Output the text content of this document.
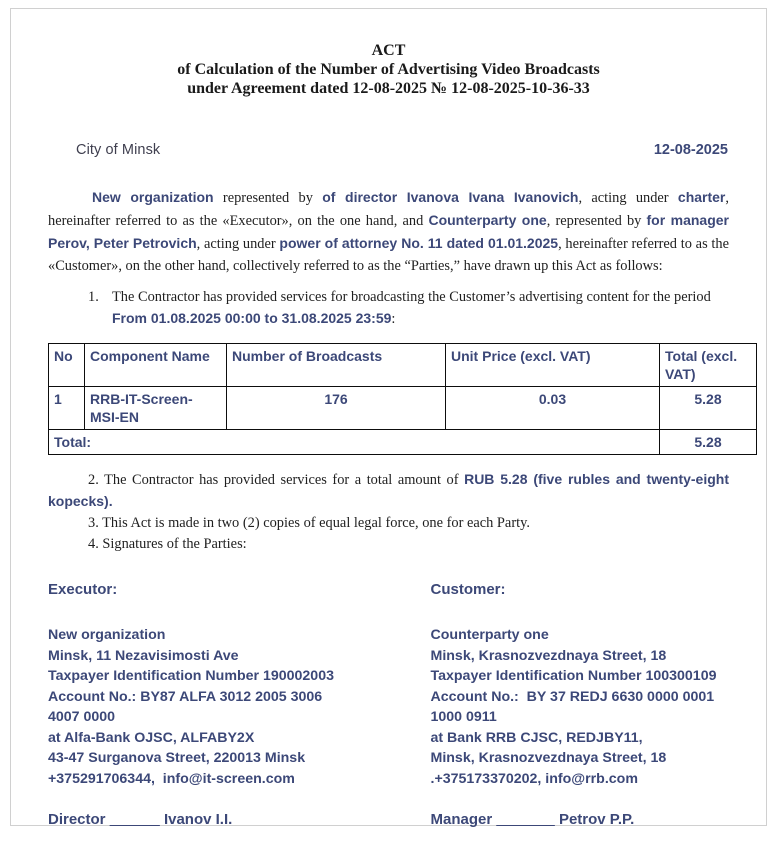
ACT
of Calculation of the Number of Advertising Video Broadcasts
under Agreement dated 12-08-2025 № 12-08-2025-10-36-33
City of Minsk	12-08-2025
New organization represented by of director Ivanova Ivana Ivanovich, acting under charter, hereinafter referred to as the «Executor», on the one hand, and Counterparty one, represented by for manager Perov, Peter Petrovich, acting under power of attorney No. 11 dated 01.01.2025, hereinafter referred to as the «Customer», on the other hand, collectively referred to as the “Parties,” have drawn up this Act as follows:
1. The Contractor has provided services for broadcasting the Customer’s advertising content for the period From 01.08.2025 00:00 to 31.08.2025 23:59:
No	Component Name	Number of Broadcasts	Unit Price (excl. VAT)	Total (excl. VAT)
1	RRB-IT-Screen-MSI-EN	176	0.03	5.28
Total:				5.28
2. The Contractor has provided services for a total amount of RUB 5.28 (five rubles and twenty-eight kopecks).
3. This Act is made in two (2) copies of equal legal force, one for each Party.
4. Signatures of the Parties:
Executor:
New organization
Minsk, 11 Nezavisimosti Ave
Taxpayer Identification Number 190002003
Account No.: BY87 ALFA 3012 2005 3006
4007 0000
at Alfa-Bank OJSC, ALFABY2X
43-47 Surganova Street, 220013 Minsk
+375291706344,  info@it-screen.com
Director ______ Ivanov I.I.
Customer:
Counterparty one
Minsk, Krasnozvezdnaya Street, 18
Taxpayer Identification Number 100300109
Account No.:  BY 37 REDJ 6630 0000 0001
1000 0911
at Bank RRB CJSC, REDJBY11,
Minsk, Krasnozvezdnaya Street, 18
.+375173370202, info@rrb.com
Manager _______ Petrov P.P.
